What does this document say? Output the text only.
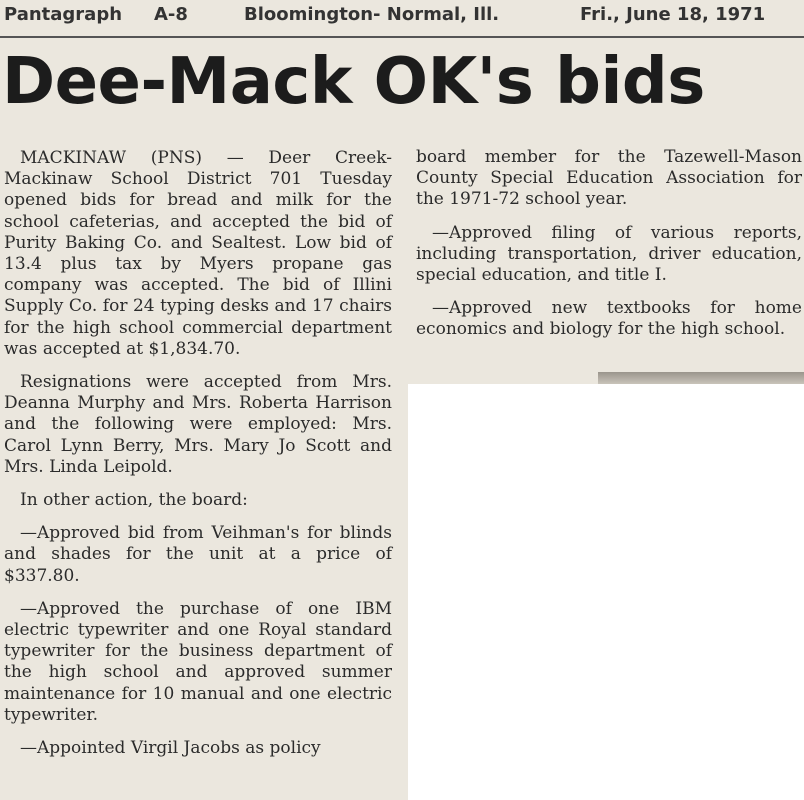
Pantagraph A-8	Bloomington- Normal, Ill.	Fri., June 18, 1971
Dee-Mack OK's bids

MACKINAW (PNS) — Deer Creek-Mackinaw School District 701 Tuesday opened bids for bread and milk for the school cafeterias, and accepted the bid of Purity Baking Co. and Sealtest. Low bid of 13.4 plus tax by Myers propane gas company was accepted. The bid of Illini Supply Co. for 24 typing desks and 17 chairs for the high school commercial department was accepted at $1,834.70.

Resignations were accepted from Mrs. Deanna Murphy and Mrs. Roberta Harrison and the following were employed: Mrs. Carol Lynn Berry, Mrs. Mary Jo Scott and Mrs. Linda Leipold.

In other action, the board:

—Approved bid from Veihman's for blinds and shades for the unit at a price of $337.80.

—Approved the purchase of one IBM electric typewriter and one Royal standard typewriter for the business department of the high school and approved summer maintenance for 10 manual and one electric typewriter.

—Appointed Virgil Jacobs as policy

board member for the Tazewell-Mason County Special Education Association for the 1971-72 school year.

—Approved filing of various reports, including transportation, driver education, special education, and title I.

—Approved new textbooks for home economics and biology for the high school.
